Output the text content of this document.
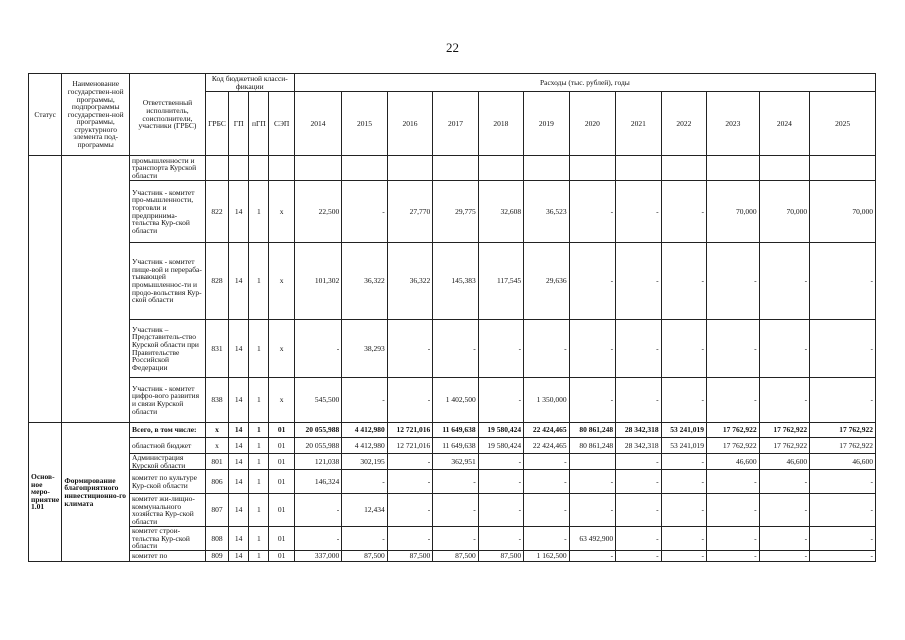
22
Статус	Наименование государствен-ной программы, подпрограммы государствен-ной программы, структурного элемента под-программы	Ответственный исполнитель, соисполнители, участники (ГРБС)	Код бюджетной класси-фикации				Расходы (тыс. рублей), годы											
			ГРБС	ГП	пГП	СЭП	2014	2015	2016	2017	2018	2019	2020	2021	2022	2023	2024	2025
		промышленности и транспорта Курской области																
		Участник - комитет про-мышленности, торговли и предпринима-тельства Кур-ской области	822	14	1	х	22,500	-	27,770	29,775	32,608	36,523	-	-	-	70,000	70,000	70,000
		Участник - комитет пище-вой и перераба-тывающей промышленнос-ти и продо-вольствия Кур-ской области	828	14	1	х	101,302	36,322	36,322	145,383	117,545	29,636	-	-	-	-	-	-
		Участник – Представитель-ство Курской области при Правительстве Российской Федерации	831	14	1	х	-	38,293	-	-	-	-	-	-	-	-	-	-
		Участник - комитет цифро-вого развития и связи Курской области	838	14	1	х	545,500	-	-	1 402,500	-	1 350,000	-	-	-	-	-	-
Основ-ное меро-приятие 1.01	Формирование благоприятного инвестиционно-го климата	Всего, в том числе:	х	14	1	01	20 055,988	4 412,980	12 721,016	11 649,638	19 580,424	22 424,465	80 861,248	28 342,318	53 241,019	17 762,922	17 762,922	17 762,922
		областной бюджет	х	14	1	01	20 055,988	4 412,980	12 721,016	11 649,638	19 580,424	22 424,465	80 861,248	28 342,318	53 241,019	17 762,922	17 762,922	17 762,922
		Администрация Курской области	801	14	1	01	121,038	302,195	-	362,951	-	-		-	-	46,600	46,600	46,600
		комитет по культуре Кур-ской области	806	14	1	01	146,324	-	-	-	-	-	-	-	-	-	-	-
		комитет жи-лищно-коммунального хозяйства Кур-ской области	807	14	1	01	-	12,434	-	-	-	-	-	-	-	-	-	-
		комитет строи-тельства Кур-ской области	808	14	1	01	-	-	-	-	-	-	63 492,900	-	-	-	-	-
		комитет по	809	14	1	01	337,000	87,500	87,500	87,500	87,500	1 162,500	-	-	-	-	-	-
